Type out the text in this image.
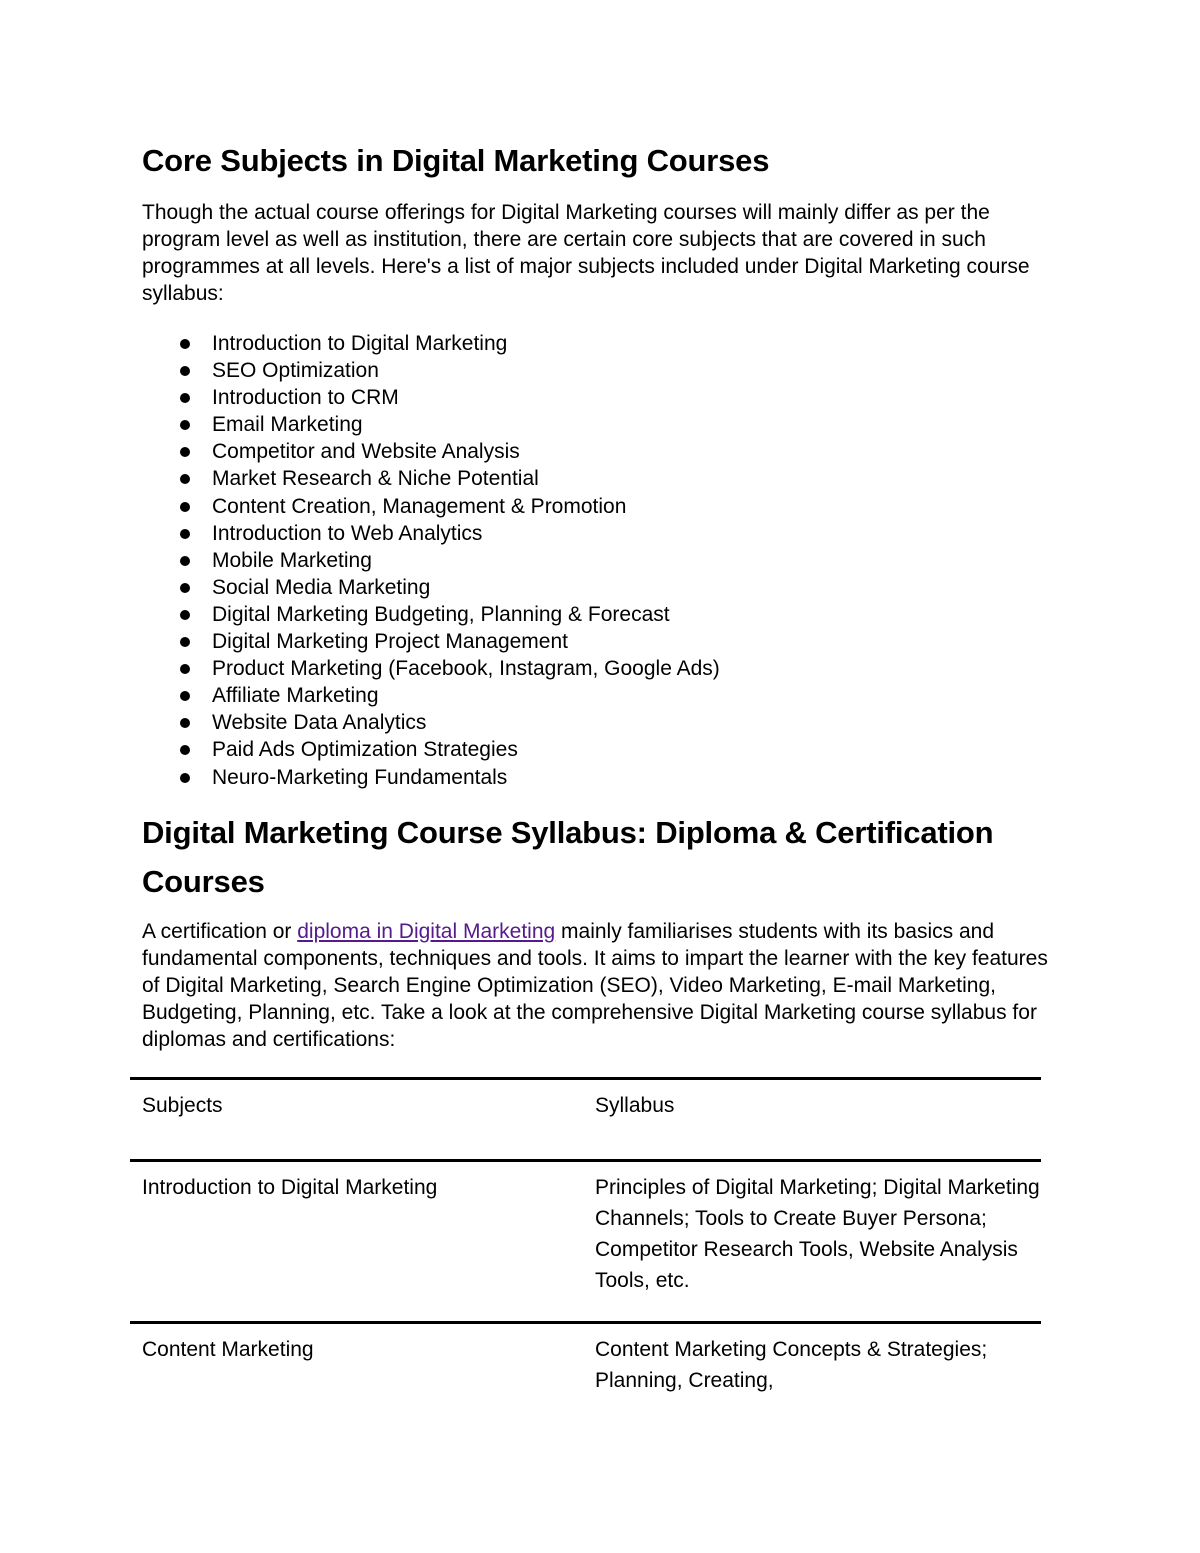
Core Subjects in Digital Marketing Courses

Though the actual course offerings for Digital Marketing courses will mainly differ as per the program level as well as institution, there are certain core subjects that are covered in such programmes at all levels. Here's a list of major subjects included under Digital Marketing course syllabus:

Introduction to Digital Marketing
SEO Optimization
Introduction to CRM
Email Marketing
Competitor and Website Analysis
Market Research & Niche Potential
Content Creation, Management & Promotion
Introduction to Web Analytics
Mobile Marketing
Social Media Marketing
Digital Marketing Budgeting, Planning & Forecast
Digital Marketing Project Management
Product Marketing (Facebook, Instagram, Google Ads)
Affiliate Marketing
Website Data Analytics
Paid Ads Optimization Strategies
Neuro-Marketing Fundamentals
Digital Marketing Course Syllabus: Diploma & Certification Courses

A certification or diploma in Digital Marketing mainly familiarises students with its basics and fundamental components, techniques and tools. It aims to impart the learner with the key features of Digital Marketing, Search Engine Optimization (SEO), Video Marketing, E-mail Marketing, Budgeting, Planning, etc. Take a look at the comprehensive Digital Marketing course syllabus for diplomas and certifications:

Subjects	Syllabus
Introduction to Digital Marketing	Principles of Digital Marketing; Digital Marketing Channels; Tools to Create Buyer Persona; Competitor Research Tools, Website Analysis Tools, etc.
Content Marketing	Content Marketing Concepts & Strategies; Planning, Creating,
